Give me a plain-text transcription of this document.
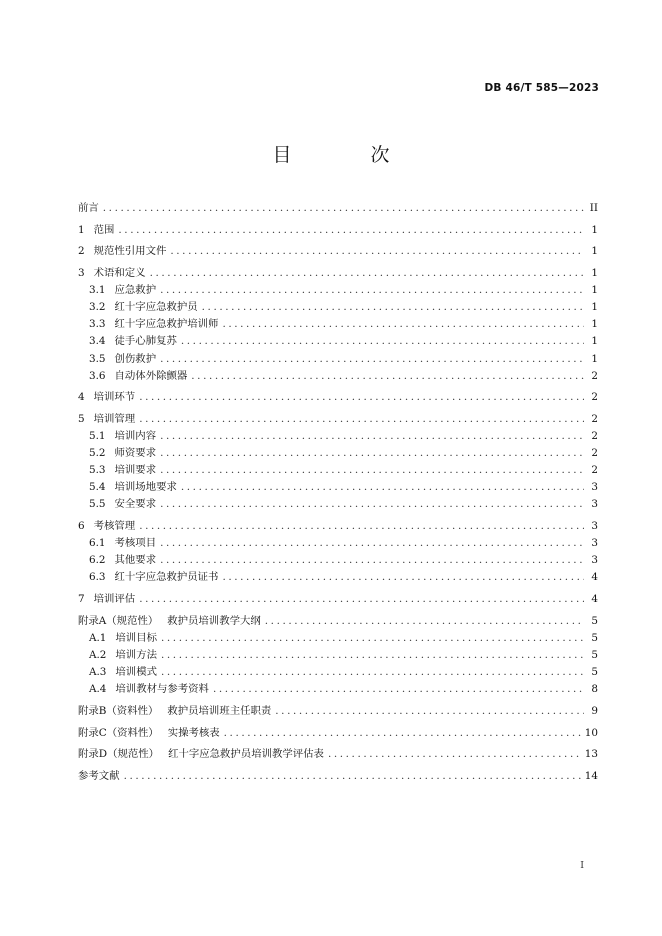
DB 46/T 585—2023
目　次
前言 .....	II
1 范围 .....	1
2 规范性引用文件 .....	1
3 术语和定义 .....	1
3.1 应急救护 .....	1
3.2 红十字应急救护员 .....	1
3.3 红十字应急救护培训师 .....	1
3.4 徒手心肺复苏 .....	1
3.5 创伤救护 .....	1
3.6 自动体外除颤器 .....	2
4 培训环节 .....	2
5 培训管理 .....	2
5.1 培训内容 .....	2
5.2 师资要求 .....	2
5.3 培训要求 .....	2
5.4 培训场地要求 .....	3
5.5 安全要求 .....	3
6 考核管理 .....	3
6.1 考核项目 .....	3
6.2 其他要求 .....	3
6.3 红十字应急救护员证书 .....	4
7 培训评估 .....	4
附录A（规范性） 救护员培训教学大纲 .....	5
A.1 培训目标 .....	5
A.2 培训方法 .....	5
A.3 培训模式 .....	5
A.4 培训教材与参考资料 .....	8
附录B（资料性） 救护员培训班主任职责 .....	9
附录C（资料性） 实操考核表 .....	10
附录D（规范性） 红十字应急救护员培训教学评估表 .....	13
参考文献 .....	14
I
